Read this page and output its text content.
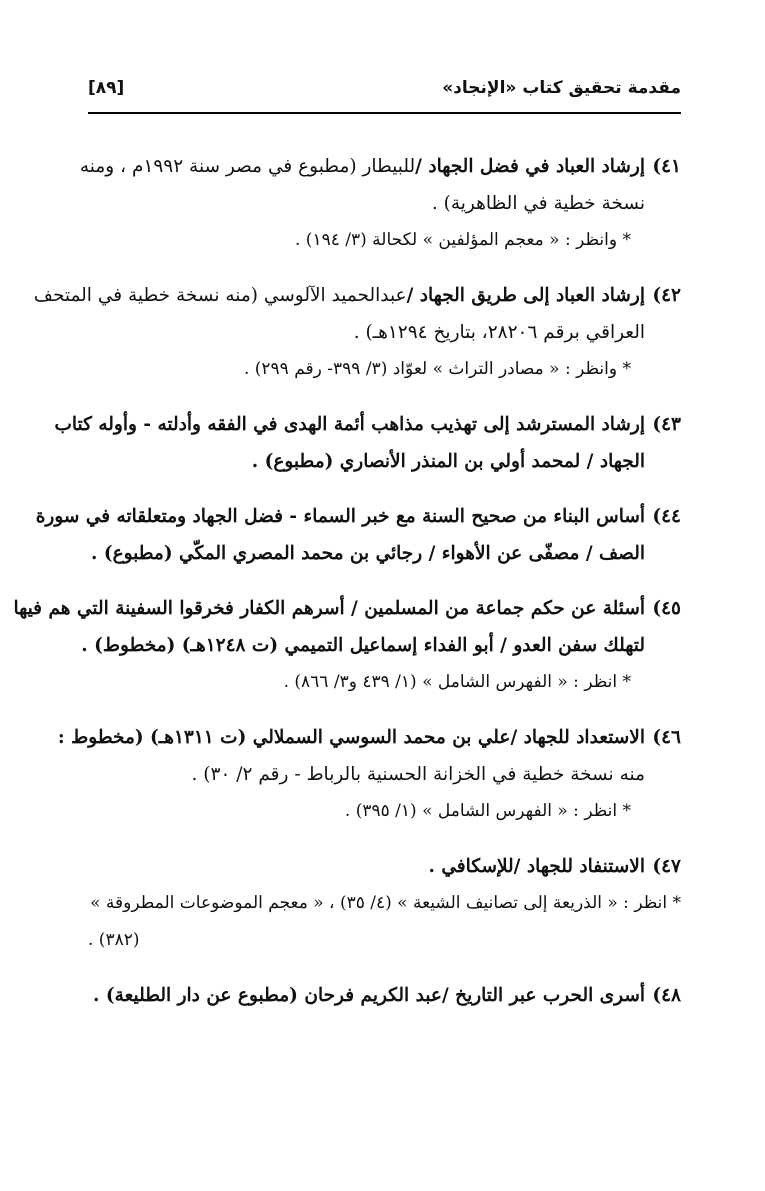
مقدمة تحقيق كتاب «الإنجاد»
[٨٩]
٤١)
إرشاد العباد في فضل الجهاد /
للبيطار (مطبوع في مصر سنة ١٩٩٢م ، ومنه
نسخة خطية في الظاهرية) .
* وانظر : « معجم المؤلفين » لكحالة (٣/ ١٩٤) .
٤٢)
إرشاد العباد إلى طريق الجهاد /
عبدالحميد الآلوسي (منه نسخة خطية في المتحف
العراقي برقم ٢٨٢٠٦، بتاريخ ١٢٩٤هـ) .
* وانظر : « مصادر التراث » لعوّاد (٣/ ٣٩٩- رقم ٢٩٩) .
٤٣)
إرشاد المسترشد إلى تهذيب مذاهب أئمة الهدى في الفقه وأدلته - وأوله كتاب
الجهاد / لمحمد أولي بن المنذر الأنصاري (مطبوع) .
٤٤)
أساس البناء من صحيح السنة مع خبر السماء - فضل الجهاد ومتعلقاته في سورة
الصف / مصفّى عن الأهواء / رجائي بن محمد المصري المكّي (مطبوع) .
٤٥)
أسئلة عن حكم جماعة من المسلمين / أسرهم الكفار فخرقوا السفينة التي هم فيها
لتهلك سفن العدو / أبو الفداء إسماعيل التميمي (ت ١٢٤٨هـ) (مخطوط) .
* انظر : « الفهرس الشامل » (١/ ٤٣٩ و٣/ ٨٦٦) .
٤٦)
الاستعداد للجهاد /
علي بن محمد السوسي السملالي (ت ١٣١١هـ) (مخطوط :
منه نسخة خطية في الخزانة الحسنية بالرباط - رقم ٢/ ٣٠) .
* انظر : « الفهرس الشامل » (١/ ٣٩٥) .
٤٧)
الاستنفاد للجهاد /
للإسكافي .
* انظر : « الذريعة إلى تصانيف الشيعة » (٤/ ٣٥) ، « معجم الموضوعات المطروقة »
(٣٨٢) .
٤٨)
أسرى الحرب عبر التاريخ /
عبد الكريم فرحان (مطبوع عن دار الطليعة) .
